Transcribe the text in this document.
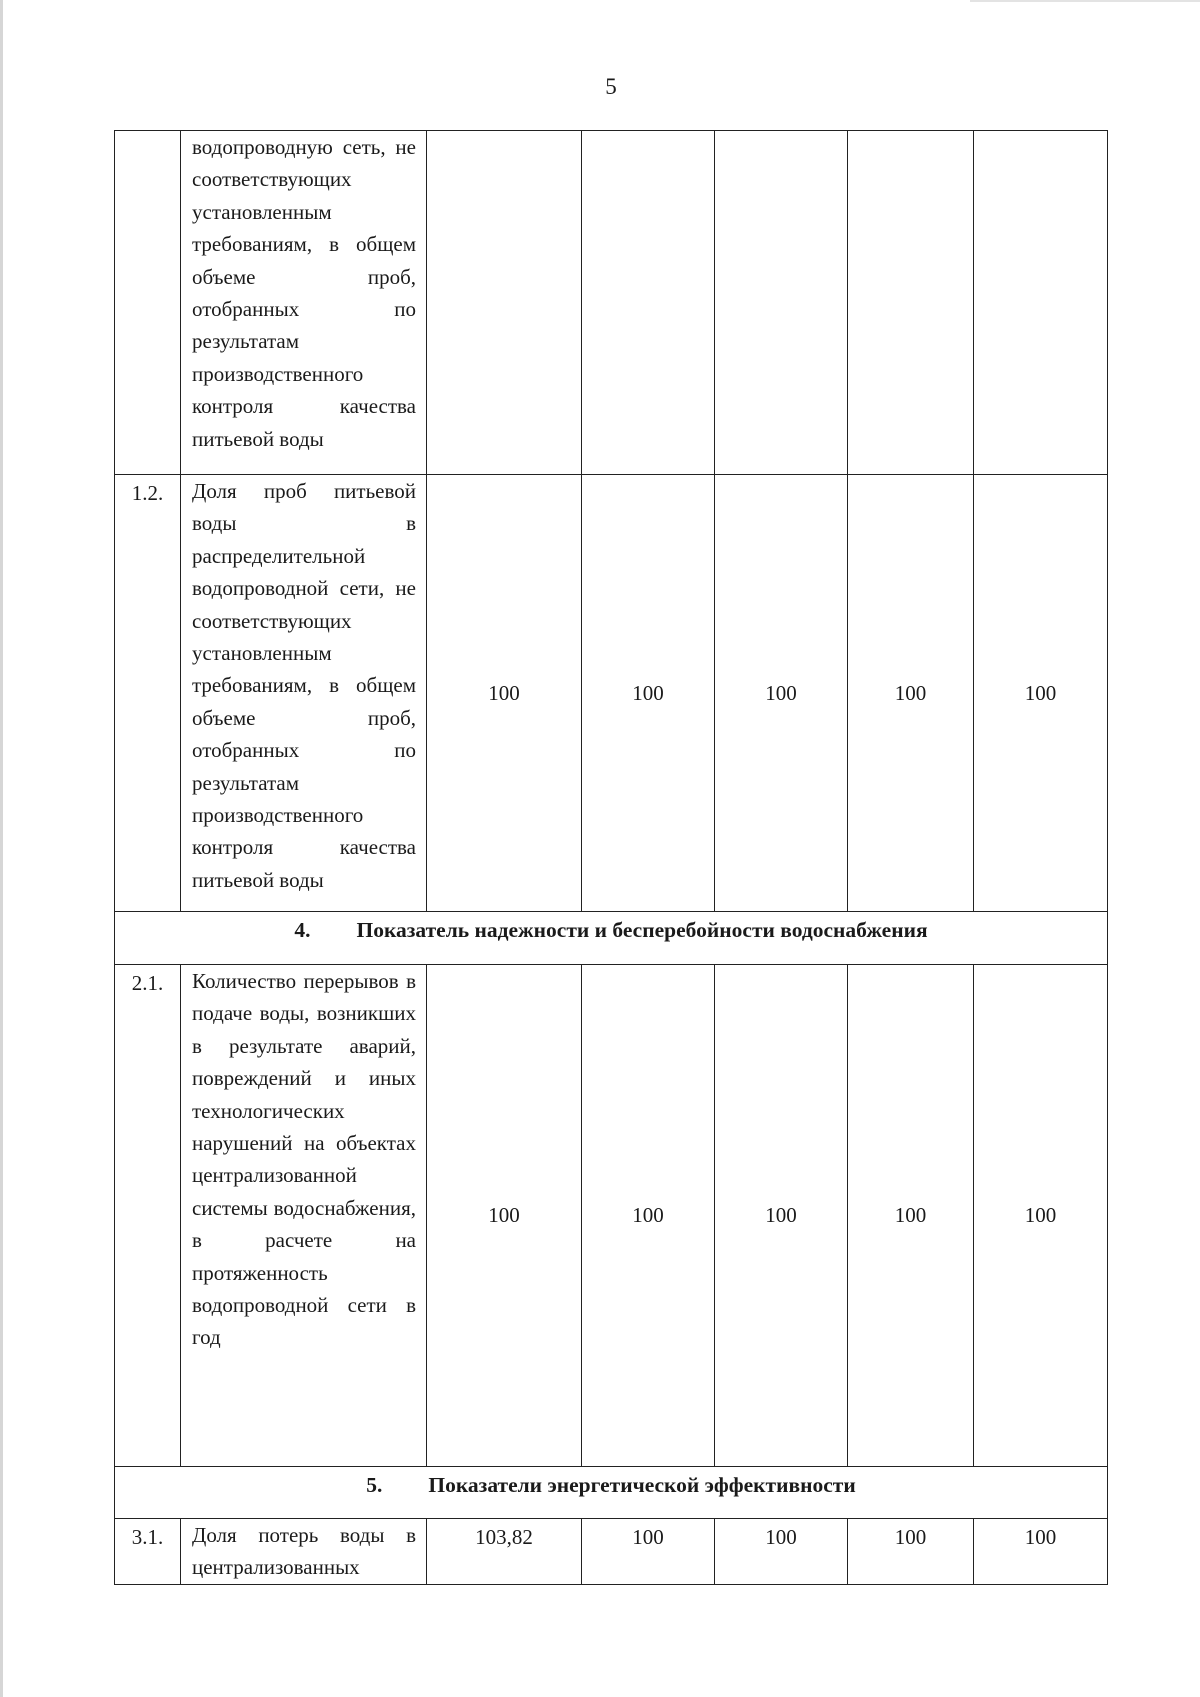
5
	водопроводную сеть, не соответствующих установленным требованиям, в общем объеме проб, отобранных по результатам производственного контроля качества питьевой воды					
1.2.	Доля проб питьевой воды в распределительной водопроводной сети, не соответствующих установленным требованиям, в общем объеме проб, отобранных по результатам производственного контроля качества питьевой воды	100	100	100	100	100
4. Показатель надежности и бесперебойности водоснабжения						
2.1.	Количество перерывов в подаче воды, возникших в результате аварий, повреждений и иных технологических нарушений на объектах централизованной системы водоснабжения, в расчете на протяженность водопроводной сети в год	100	100	100	100	100
5. Показатели энергетической эффективности						
3.1.	Доля потерь воды в централизованных	103,82	100	100	100	100
